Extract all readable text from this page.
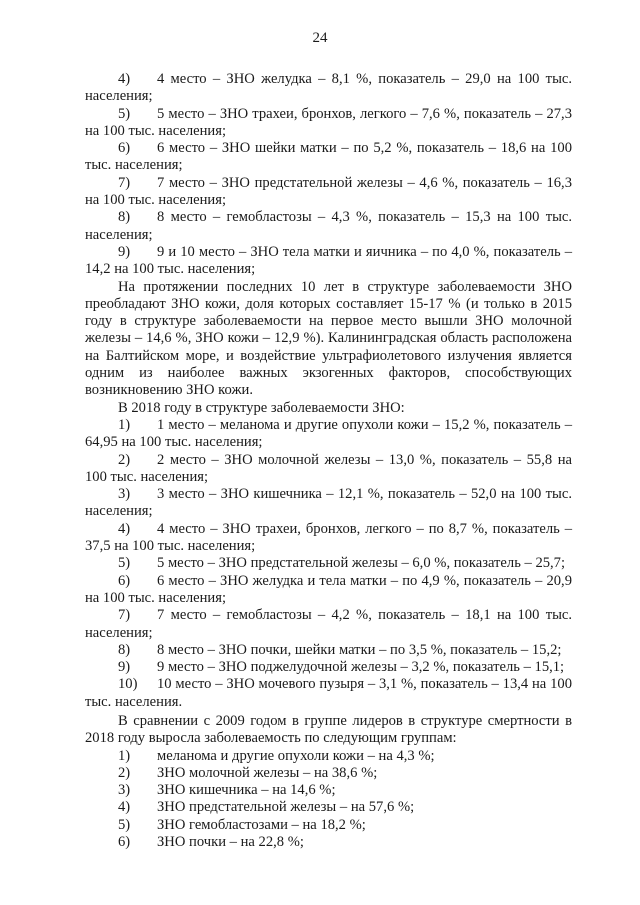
24

4) 4 место – ЗНО желудка – 8,1 %, показатель – 29,0 на 100 тыс. населения;

5) 5 место – ЗНО трахеи, бронхов, легкого – 7,6 %, показатель – 27,3 на 100 тыс. населения;

6) 6 место – ЗНО шейки матки – по 5,2 %, показатель – 18,6 на 100 тыс. населения;

7) 7 место – ЗНО предстательной железы – 4,6 %, показатель – 16,3 на 100 тыс. населения;

8) 8 место – гемобластозы – 4,3 %, показатель – 15,3 на 100 тыс. населения;

9) 9 и 10 место – ЗНО тела матки и яичника – по 4,0 %, показатель – 14,2 на 100 тыс. населения;

На протяжении последних 10 лет в структуре заболеваемости ЗНО преобладают ЗНО кожи, доля которых составляет 15-17 % (и только в 2015 году в структуре заболеваемости на первое место вышли ЗНО молочной железы – 14,6 %, ЗНО кожи – 12,9 %). Калининградская область расположена на Балтийском море, и воздействие ультрафиолетового излучения является одним из наиболее важных экзогенных факторов, способствующих возникновению ЗНО кожи.

В 2018 году в структуре заболеваемости ЗНО:

1) 1 место – меланома и другие опухоли кожи – 15,2 %, показатель – 64,95 на 100 тыс. населения;

2) 2 место – ЗНО молочной железы – 13,0 %, показатель – 55,8 на 100 тыс. населения;

3) 3 место – ЗНО кишечника – 12,1 %, показатель – 52,0 на 100 тыс. населения;

4) 4 место – ЗНО трахеи, бронхов, легкого – по 8,7 %, показатель – 37,5 на 100 тыс. населения;

5) 5 место – ЗНО предстательной железы – 6,0 %, показатель – 25,7;

6) 6 место – ЗНО желудка и тела матки – по 4,9 %, показатель – 20,9 на 100 тыс. населения;

7) 7 место – гемобластозы – 4,2 %, показатель – 18,1 на 100 тыс. населения;

8) 8 место – ЗНО почки, шейки матки – по 3,5 %, показатель – 15,2;

9) 9 место – ЗНО поджелудочной железы – 3,2 %, показатель – 15,1;

10) 10 место – ЗНО мочевого пузыря – 3,1 %, показатель – 13,4 на 100 тыс. населения.

В сравнении с 2009 годом в группе лидеров в структуре смертности в 2018 году выросла заболеваемость по следующим группам:

1) меланома и другие опухоли кожи – на 4,3 %;

2) ЗНО молочной железы – на 38,6 %;

3) ЗНО кишечника – на 14,6 %;

4) ЗНО предстательной железы – на 57,6 %;

5) ЗНО гемобластозами – на 18,2 %;

6) ЗНО почки – на 22,8 %;
